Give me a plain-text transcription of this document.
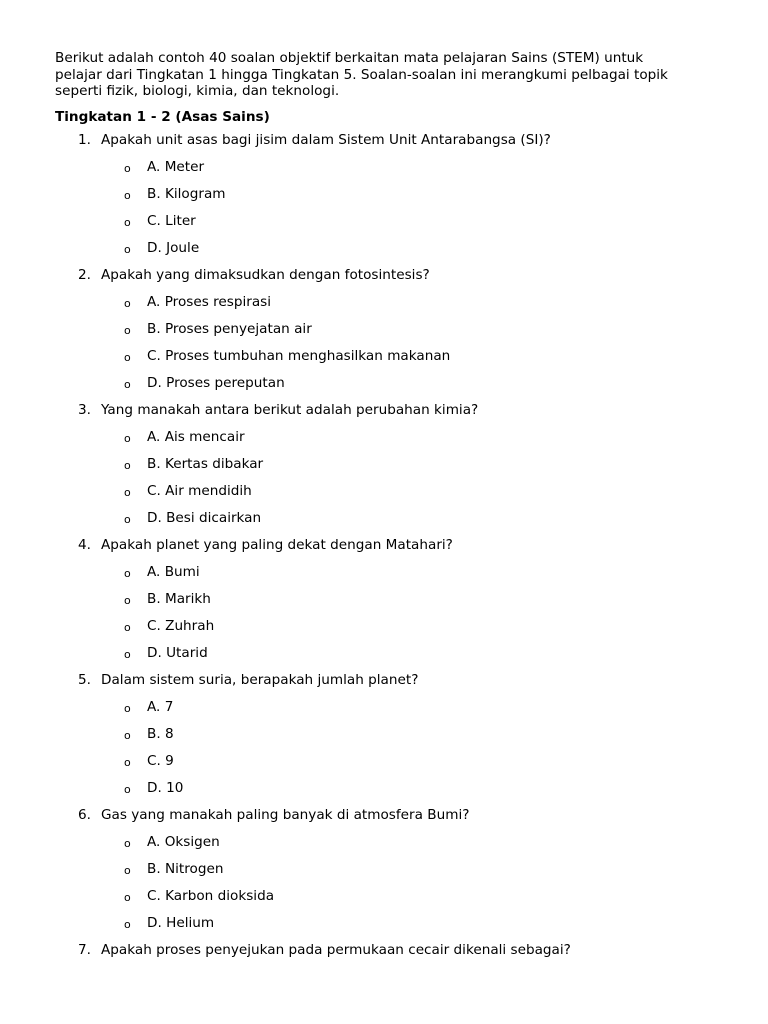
Berikut adalah contoh 40 soalan objektif berkaitan mata pelajaran Sains (STEM) untuk
pelajar dari Tingkatan 1 hingga Tingkatan 5. Soalan-soalan ini merangkumi pelbagai topik
seperti fizik, biologi, kimia, dan teknologi.

Tingkatan 1 - 2 (Asas Sains)
1. Apakah unit asas bagi jisim dalam Sistem Unit Antarabangsa (SI)?
o	A. Meter
o	B. Kilogram
o	C. Liter
o	D. Joule
2. Apakah yang dimaksudkan dengan fotosintesis?
o	A. Proses respirasi
o	B. Proses penyejatan air
o	C. Proses tumbuhan menghasilkan makanan
o	D. Proses pereputan
3. Yang manakah antara berikut adalah perubahan kimia?
o	A. Ais mencair
o	B. Kertas dibakar
o	C. Air mendidih
o	D. Besi dicairkan
4. Apakah planet yang paling dekat dengan Matahari?
o	A. Bumi
o	B. Marikh
o	C. Zuhrah
o	D. Utarid
5. Dalam sistem suria, berapakah jumlah planet?
o	A. 7
o	B. 8
o	C. 9
o	D. 10
6. Gas yang manakah paling banyak di atmosfera Bumi?
o	A. Oksigen
o	B. Nitrogen
o	C. Karbon dioksida
o	D. Helium
7. Apakah proses penyejukan pada permukaan cecair dikenali sebagai?
